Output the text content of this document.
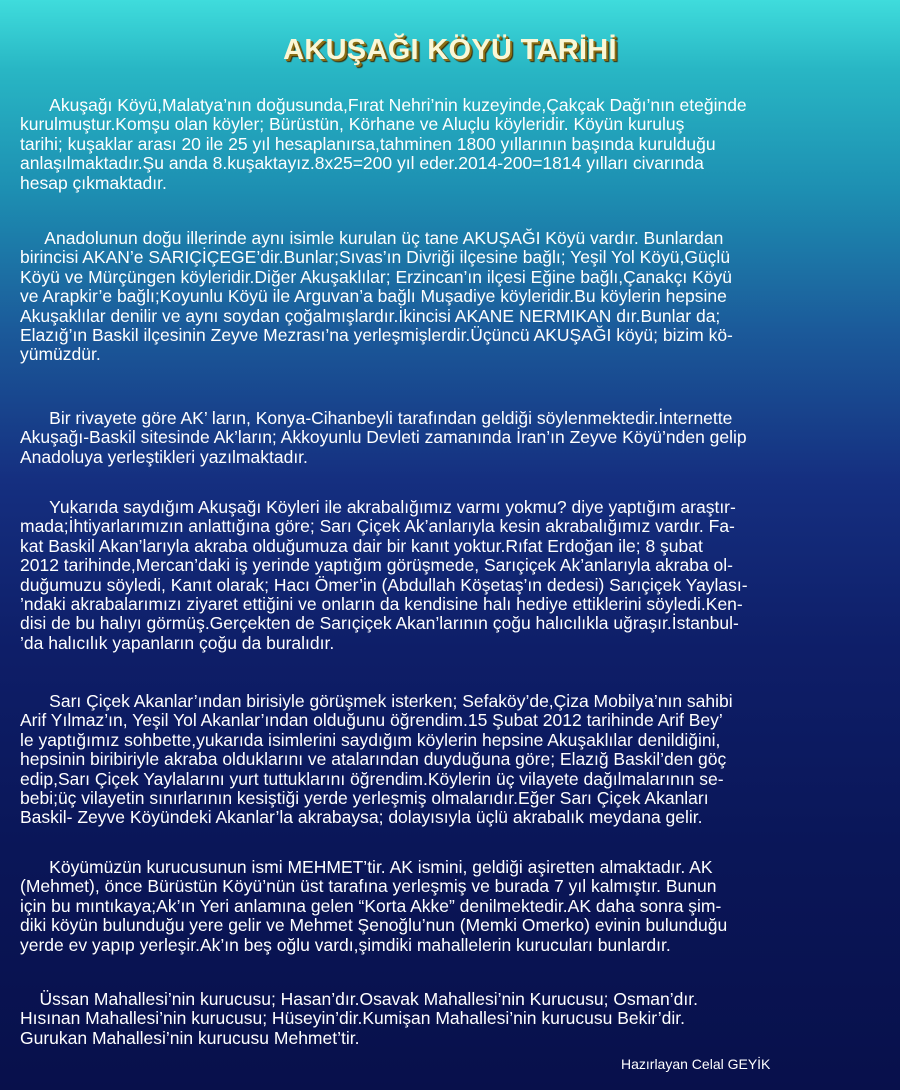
AKUŞAĞI KÖYÜ TARİHİ
Akuşağı Köyü,Malatya’nın doğusunda,Fırat Nehri’nin kuzeyinde,Çakçak Dağı’nın eteğinde
kurulmuştur.Komşu olan köyler; Bürüstün, Körhane ve Aluçlu köyleridir. Köyün kuruluş
tarihi; kuşaklar arası 20 ile 25 yıl hesaplanırsa,tahminen 1800 yıllarının başında kurulduğu
anlaşılmaktadır.Şu anda 8.kuşaktayız.8x25=200 yıl eder.2014-200=1814 yılları civarında
hesap çıkmaktadır.
Anadolunun doğu illerinde aynı isimle kurulan üç tane AKUŞAĞI Köyü vardır. Bunlardan
birincisi AKAN’e SARIÇİÇEGE’dir.Bunlar;Sıvas’ın Divriği ilçesine bağlı; Yeşil Yol Köyü,Güçlü
Köyü ve Mürçüngen köyleridir.Diğer Akuşaklılar; Erzincan’ın ilçesi Eğine bağlı,Çanakçı Köyü
ve Arapkir’e bağlı;Koyunlu Köyü ile Arguvan’a bağlı Muşadiye köyleridir.Bu köylerin hepsine
Akuşaklılar denilir ve aynı soydan çoğalmışlardır.İkincisi AKANE NERMIKAN dır.Bunlar da;
Elazığ’ın Baskil ilçesinin Zeyve Mezrası’na yerleşmişlerdir.Üçüncü AKUŞAĞI köyü; bizim kö-
yümüzdür.
Bir rivayete göre AK’ ların, Konya-Cihanbeyli tarafından geldiği söylenmektedir.İnternette
Akuşağı-Baskil sitesinde Ak’ların; Akkoyunlu Devleti zamanında İran’ın Zeyve Köyü’nden gelip
Anadoluya yerleştikleri yazılmaktadır.
Yukarıda saydığım Akuşağı Köyleri ile akrabalığımız varmı yokmu? diye yaptığım araştır-
mada;İhtiyarlarımızın anlattığına göre; Sarı Çiçek Ak’anlarıyla kesin akrabalığımız vardır. Fa-
kat Baskil Akan’larıyla akraba olduğumuza dair bir kanıt yoktur.Rıfat Erdoğan ile; 8 şubat
2012 tarihinde,Mercan’daki iş yerinde yaptığım görüşmede, Sarıçiçek Ak’anlarıyla akraba ol-
duğumuzu söyledi, Kanıt olarak; Hacı Ömer’in (Abdullah Köşetaş’ın dedesi) Sarıçiçek Yaylası-
’ndaki akrabalarımızı ziyaret ettiğini ve onların da kendisine halı hediye ettiklerini söyledi.Ken-
disi de bu halıyı görmüş.Gerçekten de Sarıçiçek Akan’larının çoğu halıcılıkla uğraşır.İstanbul-
’da halıcılık yapanların çoğu da buralıdır.
Sarı Çiçek Akanlar’ından birisiyle görüşmek isterken; Sefaköy’de,Çiza Mobilya’nın sahibi
Arif Yılmaz’ın, Yeşil Yol Akanlar’ından olduğunu öğrendim.15 Şubat 2012 tarihinde Arif Bey’
le yaptığımız sohbette,yukarıda isimlerini saydığım köylerin hepsine Akuşaklılar denildiğini,
hepsinin biribiriyle akraba olduklarını ve atalarından duyduğuna göre; Elazığ Baskil’den göç
edip,Sarı Çiçek Yaylalarını yurt tuttuklarını öğrendim.Köylerin üç vilayete dağılmalarının se-
bebi;üç vilayetin sınırlarının kesiştiği yerde yerleşmiş olmalarıdır.Eğer Sarı Çiçek Akanları
Baskil- Zeyve Köyündeki Akanlar’la akrabaysa; dolayısıyla üçlü akrabalık meydana gelir.
Köyümüzün kurucusunun ismi MEHMET’tir. AK ismini, geldiği aşiretten almaktadır. AK
(Mehmet), önce Bürüstün Köyü’nün üst tarafına yerleşmiş ve burada 7 yıl kalmıştır. Bunun
için bu mıntıkaya;Ak’ın Yeri anlamına gelen “Korta Akke” denilmektedir.AK daha sonra şim-
diki köyün bulunduğu yere gelir ve Mehmet Şenoğlu’nun (Memki Omerko) evinin bulunduğu
yerde ev yapıp yerleşir.Ak’ın beş oğlu vardı,şimdiki mahallelerin kurucuları bunlardır.
Üssan Mahallesi’nin kurucusu; Hasan’dır.Osavak Mahallesi’nin Kurucusu; Osman’dır.
Hısınan Mahallesi’nin kurucusu; Hüseyin’dir.Kumişan Mahallesi’nin kurucusu Bekir’dir.
Gurukan Mahallesi’nin kurucusu Mehmet’tir.
Hazırlayan Celal GEYİK
